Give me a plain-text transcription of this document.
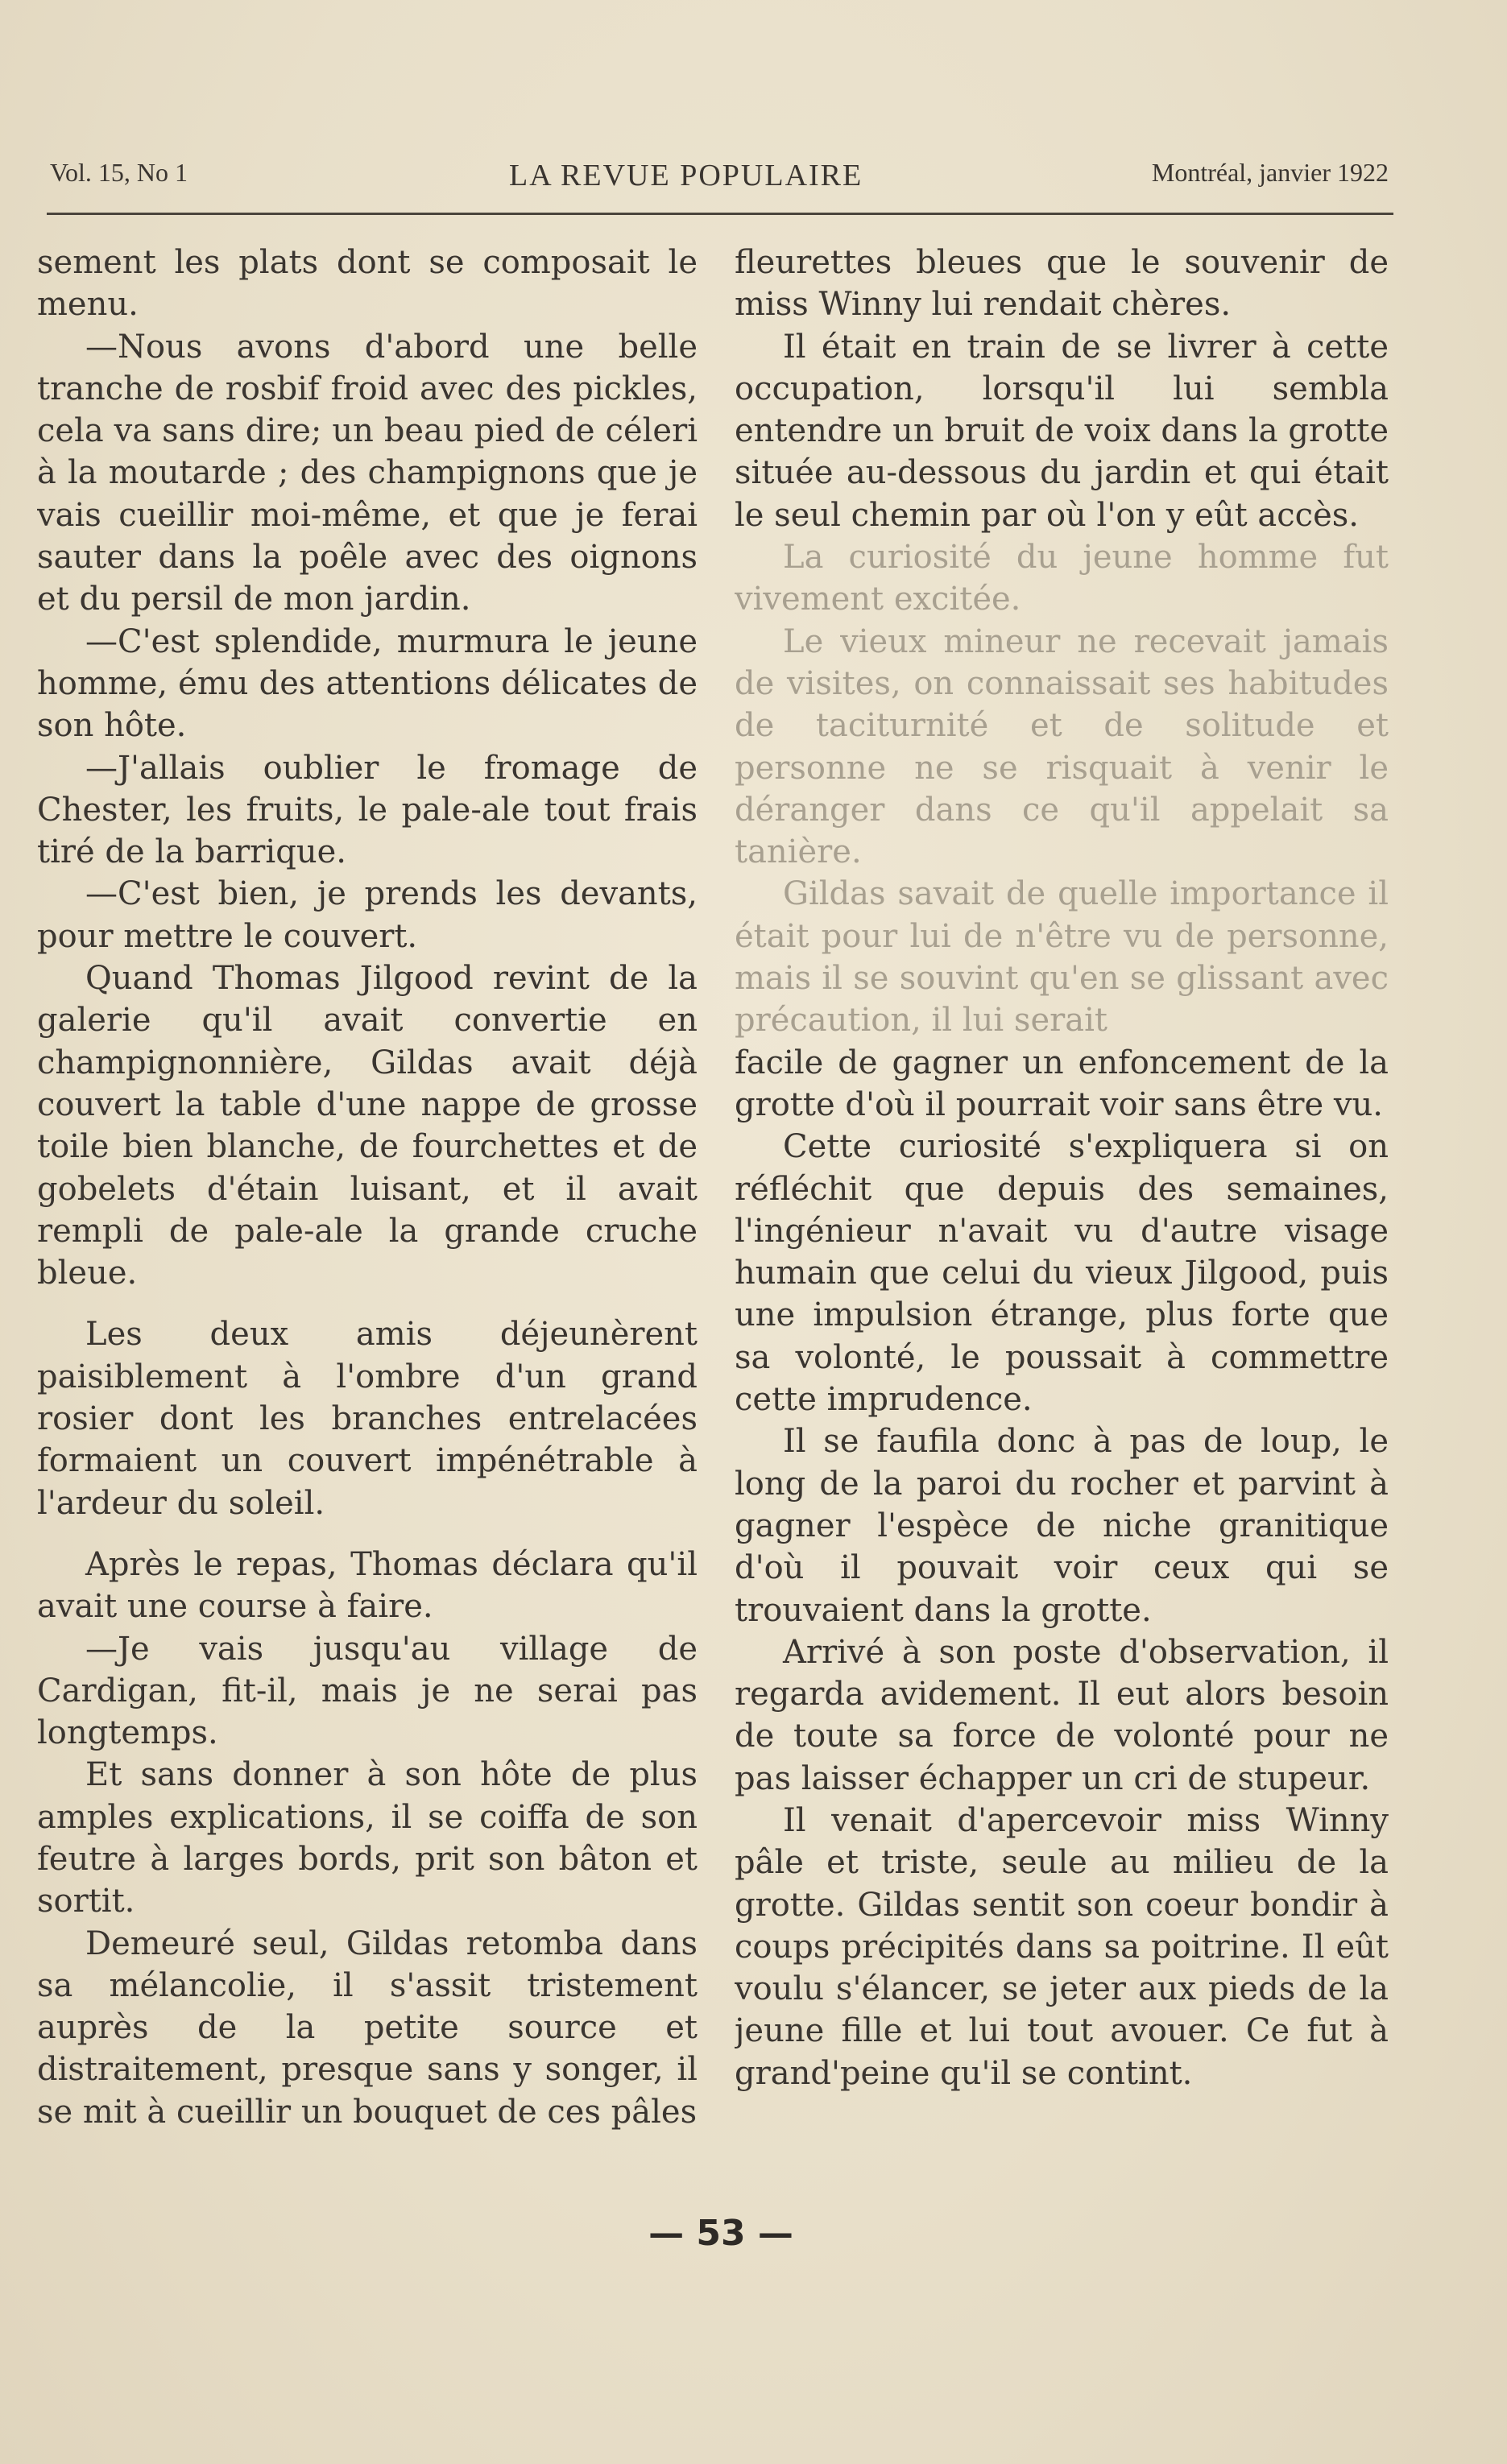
Vol. 15, No 1	LA REVUE POPULAIRE	Montréal, janvier 1922

sement les plats dont se composait le menu.

—Nous avons d'abord une belle tranche de rosbif froid avec des pickles, cela va sans dire; un beau pied de céleri à la moutarde ; des champignons que je vais cueillir moi-même, et que je ferai sauter dans la poêle avec des oignons et du persil de mon jardin.

—C'est splendide, murmura le jeune homme, ému des attentions délicates de son hôte.

—J'allais oublier le fromage de Chester, les fruits, le pale-ale tout frais tiré de la barrique.

—C'est bien, je prends les devants, pour mettre le couvert.

Quand Thomas Jilgood revint de la galerie qu'il avait convertie en champignonnière, Gildas avait déjà couvert la table d'une nappe de grosse toile bien blanche, de fourchettes et de gobelets d'étain luisant, et il avait rempli de pale-ale la grande cruche bleue.

Les deux amis déjeunèrent paisiblement à l'ombre d'un grand rosier dont les branches entrelacées formaient un couvert impénétrable à l'ardeur du soleil.

Après le repas, Thomas déclara qu'il avait une course à faire.

—Je vais jusqu'au village de Cardigan, fit-il, mais je ne serai pas longtemps.

Et sans donner à son hôte de plus amples explications, il se coiffa de son feutre à larges bords, prit son bâton et sortit.

Demeuré seul, Gildas retomba dans sa mélancolie, il s'assit tristement auprès de la petite source et distraitement, presque sans y songer, il se mit à cueillir un bouquet de ces pâles

fleurettes bleues que le souvenir de miss Winny lui rendait chères.

Il était en train de se livrer à cette occupation, lorsqu'il lui sembla entendre un bruit de voix dans la grotte située au-dessous du jardin et qui était le seul chemin par où l'on y eût accès.

La curiosité du jeune homme fut vivement excitée.

Le vieux mineur ne recevait jamais de visites, on connaissait ses habitudes de taciturnité et de solitude et personne ne se risquait à venir le déranger dans ce qu'il appelait sa tanière.

Gildas savait de quelle importance il était pour lui de n'être vu de personne, mais il se souvint qu'en se glissant avec précaution, il lui serait

facile de gagner un enfoncement de la grotte d'où il pourrait voir sans être vu.

Cette curiosité s'expliquera si on réfléchit que depuis des semaines, l'ingénieur n'avait vu d'autre visage humain que celui du vieux Jilgood, puis une impulsion étrange, plus forte que sa volonté, le poussait à commettre cette imprudence.

Il se faufila donc à pas de loup, le long de la paroi du rocher et parvint à gagner l'espèce de niche granitique d'où il pouvait voir ceux qui se trouvaient dans la grotte.

Arrivé à son poste d'observation, il regarda avidement. Il eut alors besoin de toute sa force de volonté pour ne pas laisser échapper un cri de stupeur.

Il venait d'apercevoir miss Winny pâle et triste, seule au milieu de la grotte. Gildas sentit son coeur bondir à coups précipités dans sa poitrine. Il eût voulu s'élancer, se jeter aux pieds de la jeune fille et lui tout avouer. Ce fut à grand'peine qu'il se contint.

— 53 —
